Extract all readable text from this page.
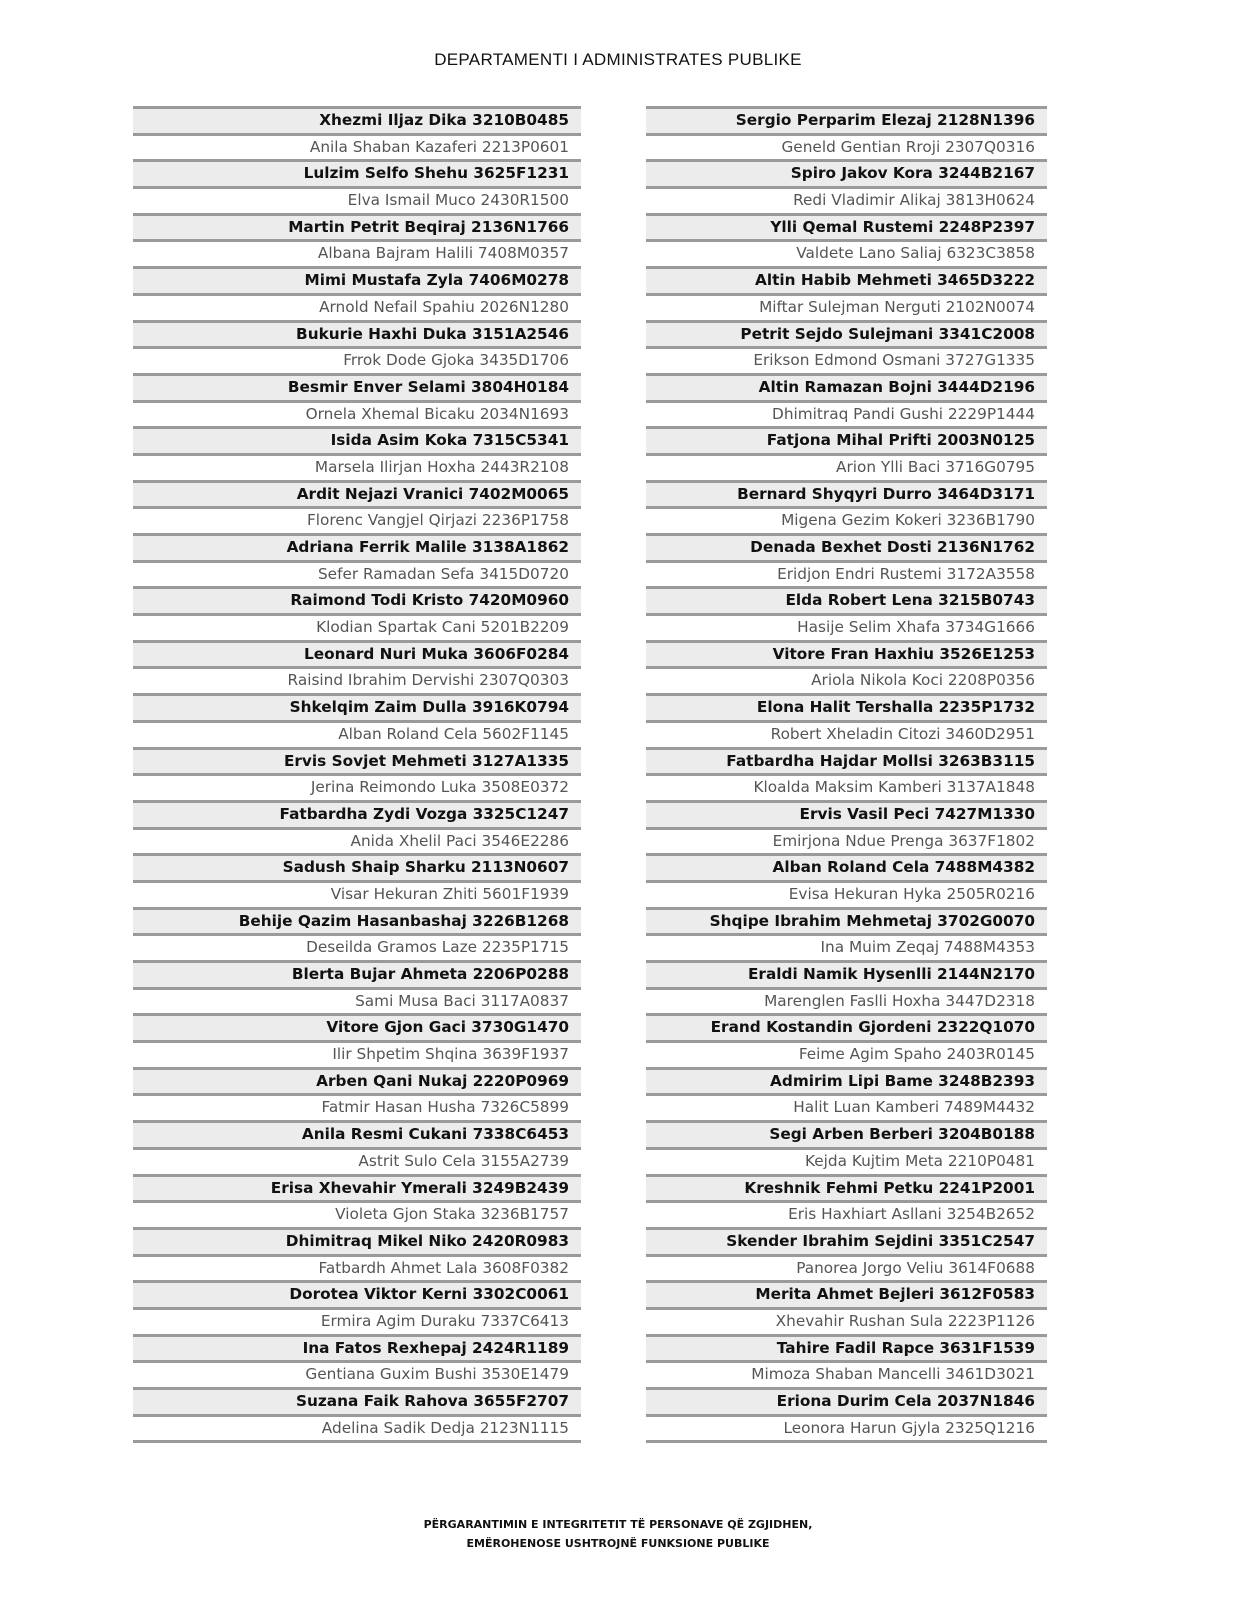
DEPARTAMENTI I ADMINISTRATES PUBLIKE
Xhezmi Iljaz Dika 3210B0485
Anila Shaban Kazaferi 2213P0601
Lulzim Selfo Shehu 3625F1231
Elva Ismail Muco 2430R1500
Martin Petrit Beqiraj 2136N1766
Albana Bajram Halili 7408M0357
Mimi Mustafa Zyla 7406M0278
Arnold Nefail Spahiu 2026N1280
Bukurie Haxhi Duka 3151A2546
Frrok Dode Gjoka 3435D1706
Besmir Enver Selami 3804H0184
Ornela Xhemal Bicaku 2034N1693
Isida Asim Koka 7315C5341
Marsela Ilirjan Hoxha 2443R2108
Ardit Nejazi Vranici 7402M0065
Florenc Vangjel Qirjazi 2236P1758
Adriana Ferrik Malile 3138A1862
Sefer Ramadan Sefa 3415D0720
Raimond Todi Kristo 7420M0960
Klodian Spartak Cani 5201B2209
Leonard Nuri Muka 3606F0284
Raisind Ibrahim Dervishi 2307Q0303
Shkelqim Zaim Dulla 3916K0794
Alban Roland Cela 5602F1145
Ervis Sovjet Mehmeti 3127A1335
Jerina Reimondo Luka 3508E0372
Fatbardha Zydi Vozga 3325C1247
Anida Xhelil Paci 3546E2286
Sadush Shaip Sharku 2113N0607
Visar Hekuran Zhiti 5601F1939
Behije Qazim Hasanbashaj 3226B1268
Deseilda Gramos Laze 2235P1715
Blerta Bujar Ahmeta 2206P0288
Sami Musa Baci 3117A0837
Vitore Gjon Gaci 3730G1470
Ilir Shpetim Shqina 3639F1937
Arben Qani Nukaj 2220P0969
Fatmir Hasan Husha 7326C5899
Anila Resmi Cukani 7338C6453
Astrit Sulo Cela 3155A2739
Erisa Xhevahir Ymerali 3249B2439
Violeta Gjon Staka 3236B1757
Dhimitraq Mikel Niko 2420R0983
Fatbardh Ahmet Lala 3608F0382
Dorotea Viktor Kerni 3302C0061
Ermira Agim Duraku 7337C6413
Ina Fatos Rexhepaj 2424R1189
Gentiana Guxim Bushi 3530E1479
Suzana Faik Rahova 3655F2707
Adelina Sadik Dedja 2123N1115
Sergio Perparim Elezaj 2128N1396
Geneld Gentian Rroji 2307Q0316
Spiro Jakov Kora 3244B2167
Redi Vladimir Alikaj 3813H0624
Ylli Qemal Rustemi 2248P2397
Valdete Lano Saliaj 6323C3858
Altin Habib Mehmeti 3465D3222
Miftar Sulejman Nerguti 2102N0074
Petrit Sejdo Sulejmani 3341C2008
Erikson Edmond Osmani 3727G1335
Altin Ramazan Bojni 3444D2196
Dhimitraq Pandi Gushi 2229P1444
Fatjona Mihal Prifti 2003N0125
Arion Ylli Baci 3716G0795
Bernard Shyqyri Durro 3464D3171
Migena Gezim Kokeri 3236B1790
Denada Bexhet Dosti 2136N1762
Eridjon Endri Rustemi 3172A3558
Elda Robert Lena 3215B0743
Hasije Selim Xhafa 3734G1666
Vitore Fran Haxhiu 3526E1253
Ariola Nikola Koci 2208P0356
Elona Halit Tershalla 2235P1732
Robert Xheladin Citozi 3460D2951
Fatbardha Hajdar Mollsi 3263B3115
Kloalda Maksim Kamberi 3137A1848
Ervis Vasil Peci 7427M1330
Emirjona Ndue Prenga 3637F1802
Alban Roland Cela 7488M4382
Evisa Hekuran Hyka 2505R0216
Shqipe Ibrahim Mehmetaj 3702G0070
Ina Muim Zeqaj 7488M4353
Eraldi Namik Hysenlli 2144N2170
Marenglen Faslli Hoxha 3447D2318
Erand Kostandin Gjordeni 2322Q1070
Feime Agim Spaho 2403R0145
Admirim Lipi Bame 3248B2393
Halit Luan Kamberi 7489M4432
Segi Arben Berberi 3204B0188
Kejda Kujtim Meta 2210P0481
Kreshnik Fehmi Petku 2241P2001
Eris Haxhiart Asllani 3254B2652
Skender Ibrahim Sejdini 3351C2547
Panorea Jorgo Veliu 3614F0688
Merita Ahmet Bejleri 3612F0583
Xhevahir Rushan Sula 2223P1126
Tahire Fadil Rapce 3631F1539
Mimoza Shaban Mancelli 3461D3021
Eriona Durim Cela 2037N1846
Leonora Harun Gjyla 2325Q1216
PËRGARANTIMIN E INTEGRITETIT TË PERSONAVE QË ZGJIDHEN,
EMËROHENOSE USHTROJNË FUNKSIONE PUBLIKE
